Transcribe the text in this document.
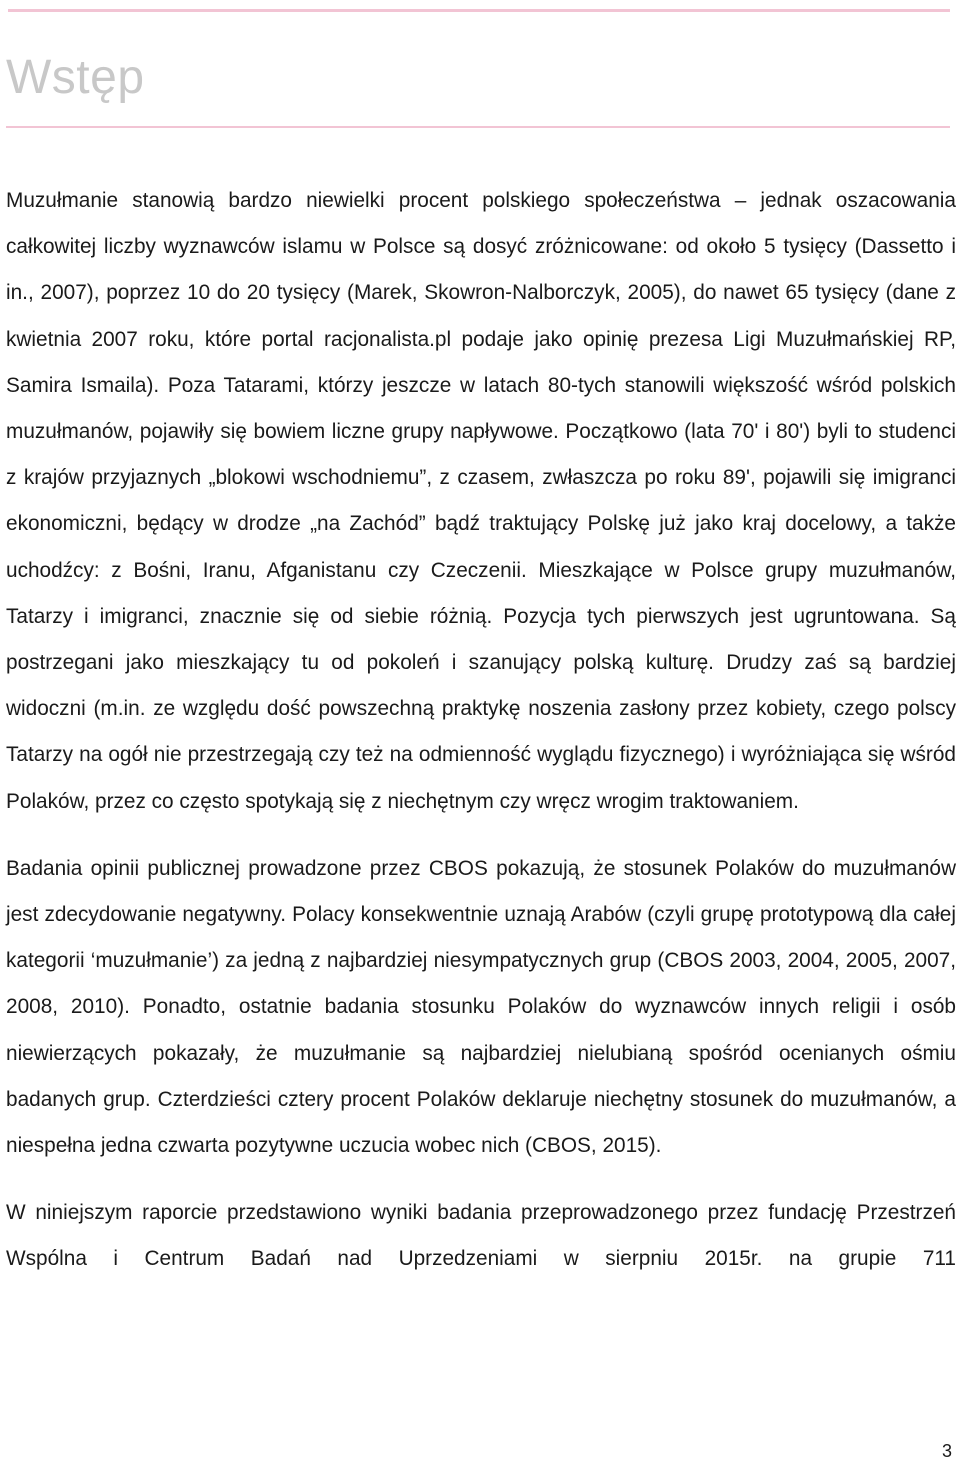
Wstęp

Muzułmanie stanowią bardzo niewielki procent polskiego społeczeństwa – jednak oszacowania całkowitej liczby wyznawców islamu w Polsce są dosyć zróżnicowane: od około 5 tysięcy (Dassetto i in., 2007), poprzez 10 do 20 tysięcy (Marek, Skowron-Nalborczyk, 2005), do nawet 65 tysięcy (dane z kwietnia 2007 roku, które portal racjonalista.pl podaje jako opinię prezesa Ligi Muzułmańskiej RP, Samira Ismaila). Poza Tatarami, którzy jeszcze w latach 80-tych stanowili większość wśród polskich muzułmanów, pojawiły się bowiem liczne grupy napływowe. Początkowo (lata 70' i 80') byli to studenci z krajów przyjaznych „blokowi wschodniemu”, z czasem, zwłaszcza po roku 89', pojawili się imigranci ekonomiczni, będący w drodze „na Zachód” bądź traktujący Polskę już jako kraj docelowy, a także uchodźcy: z Bośni, Iranu, Afganistanu czy Czeczenii. Mieszkające w Polsce grupy muzułmanów, Tatarzy i imigranci, znacznie się od siebie różnią. Pozycja tych pierwszych jest ugruntowana. Są postrzegani jako mieszkający tu od pokoleń i szanujący polską kulturę. Drudzy zaś są bardziej widoczni (m.in. ze względu dość powszechną praktykę noszenia zasłony przez kobiety, czego polscy Tatarzy na ogół nie przestrzegają czy też na odmienność wyglądu fizycznego) i wyróżniająca się wśród Polaków, przez co często spotykają się z niechętnym czy wręcz wrogim traktowaniem.

Badania opinii publicznej prowadzone przez CBOS pokazują, że stosunek Polaków do muzułmanów jest zdecydowanie negatywny. Polacy konsekwentnie uznają Arabów (czyli grupę prototypową dla całej kategorii ‘muzułmanie’) za jedną z najbardziej niesympatycznych grup (CBOS 2003, 2004, 2005, 2007, 2008, 2010). Ponadto, ostatnie badania stosunku Polaków do wyznawców innych religii i osób niewierzących pokazały, że muzułmanie są najbardziej nielubianą spośród ocenianych ośmiu badanych grup. Czterdzieści cztery procent Polaków deklaruje niechętny stosunek do muzułmanów, a niespełna jedna czwarta pozytywne uczucia wobec nich (CBOS, 2015).

W niniejszym raporcie przedstawiono wyniki badania przeprowadzonego przez fundację Przestrzeń Wspólna i Centrum Badań nad Uprzedzeniami w sierpniu 2015r. na grupie 711

3
